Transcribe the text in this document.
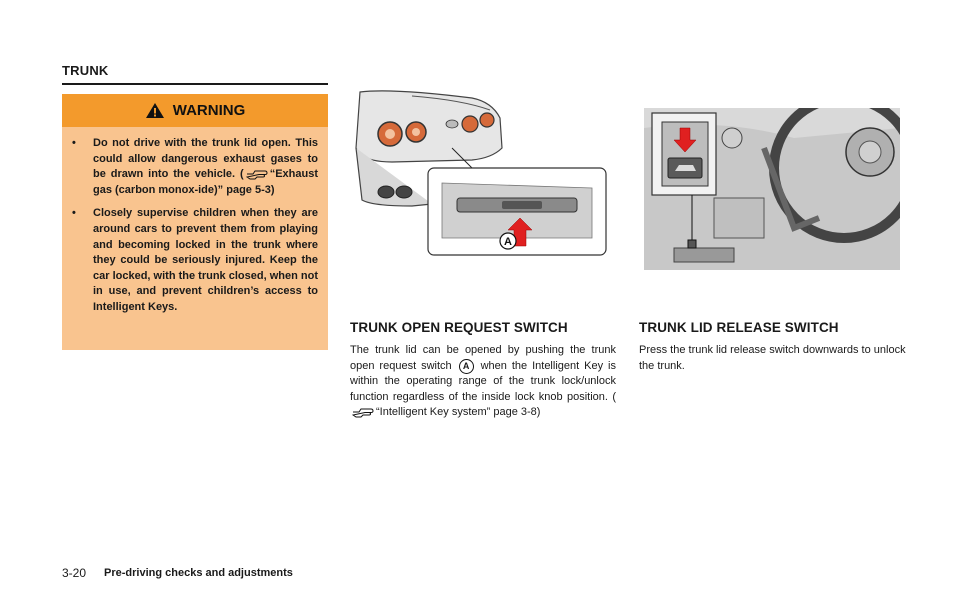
TRUNK
WARNING
• Do not drive with the trunk lid open. This could allow dangerous exhaust gases to be drawn into the vehicle. ( “Exhaust gas (carbon monox-ide)” page 5-3)
• Closely supervise children when they are around cars to prevent them from playing and becoming locked in the trunk where they could be seriously injured. Keep the car locked, with the trunk closed, when not in use, and prevent children’s access to Intelligent Keys.
A
TRUNK OPEN REQUEST SWITCH
The trunk lid can be opened by pushing the trunk open request switch A when the Intelligent Key is within the operating range of the trunk lock/unlock function regardless of the inside lock knob position. (“Intelligent Key system” page 3-8)
TRUNK LID RELEASE SWITCH
Press the trunk lid release switch downwards to unlock the trunk.
3-20 Pre-driving checks and adjustments
